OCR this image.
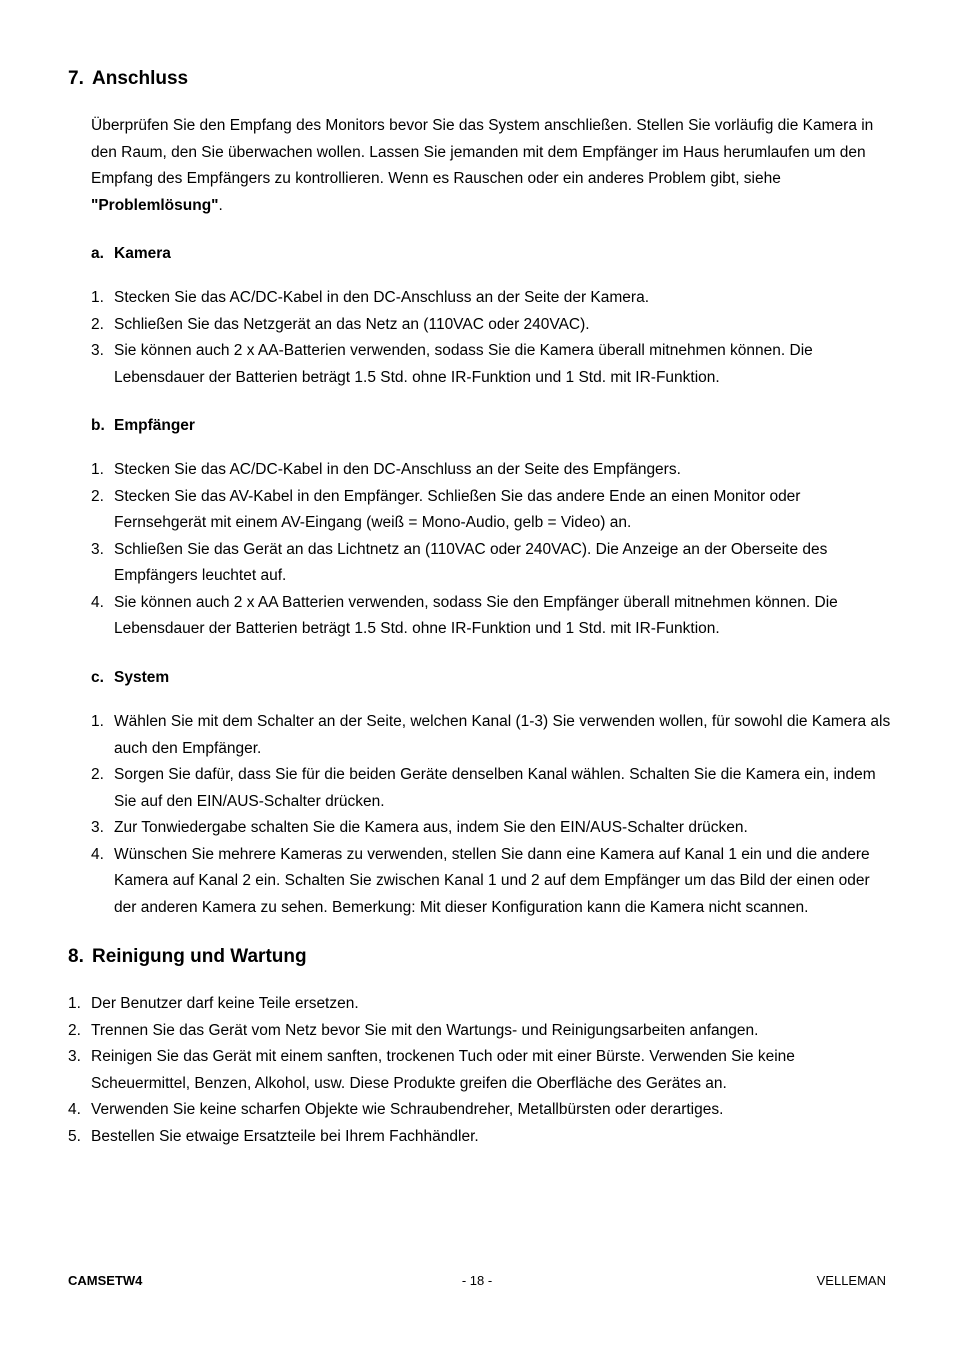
7. Anschluss

Überprüfen Sie den Empfang des Monitors bevor Sie das System anschließen. Stellen Sie vorläufig die Kamera in den Raum, den Sie überwachen wollen. Lassen Sie jemanden mit dem Empfänger im Haus herumlaufen um den Empfang des Empfängers zu kontrollieren. Wenn es Rauschen oder ein anderes Problem gibt, siehe "Problemlösung".

a. Kamera
1. Stecken Sie das AC/DC-Kabel in den DC-Anschluss an der Seite der Kamera.
2. Schließen Sie das Netzgerät an das Netz an (110VAC oder 240VAC).
3. Sie können auch 2 x AA-Batterien verwenden, sodass Sie die Kamera überall mitnehmen können. Die Lebensdauer der Batterien beträgt 1.5 Std. ohne IR-Funktion und 1 Std. mit IR-Funktion.
b. Empfänger
1. Stecken Sie das AC/DC-Kabel in den DC-Anschluss an der Seite des Empfängers.
2. Stecken Sie das AV-Kabel in den Empfänger. Schließen Sie das andere Ende an einen Monitor oder Fernsehgerät mit einem AV-Eingang (weiß = Mono-Audio, gelb = Video) an.
3. Schließen Sie das Gerät an das Lichtnetz an (110VAC oder 240VAC). Die Anzeige an der Oberseite des Empfängers leuchtet auf.
4. Sie können auch 2 x AA Batterien verwenden, sodass Sie den Empfänger überall mitnehmen können. Die Lebensdauer der Batterien beträgt 1.5 Std. ohne IR-Funktion und 1 Std. mit IR-Funktion.
c. System
1. Wählen Sie mit dem Schalter an der Seite, welchen Kanal (1-3) Sie verwenden wollen, für sowohl die Kamera als auch den Empfänger.
2. Sorgen Sie dafür, dass Sie für die beiden Geräte denselben Kanal wählen. Schalten Sie die Kamera ein, indem Sie auf den EIN/AUS-Schalter drücken.
3. Zur Tonwiedergabe schalten Sie die Kamera aus, indem Sie den EIN/AUS-Schalter drücken.
4. Wünschen Sie mehrere Kameras zu verwenden, stellen Sie dann eine Kamera auf Kanal 1 ein und die andere Kamera auf Kanal 2 ein. Schalten Sie zwischen Kanal 1 und 2 auf dem Empfänger um das Bild der einen oder der anderen Kamera zu sehen. Bemerkung: Mit dieser Konfiguration kann die Kamera nicht scannen.
8. Reinigung und Wartung
1. Der Benutzer darf keine Teile ersetzen.
2. Trennen Sie das Gerät vom Netz bevor Sie mit den Wartungs- und Reinigungsarbeiten anfangen.
3. Reinigen Sie das Gerät mit einem sanften, trockenen Tuch oder mit einer Bürste. Verwenden Sie keine Scheuermittel, Benzen, Alkohol, usw. Diese Produkte greifen die Oberfläche des Gerätes an.
4. Verwenden Sie keine scharfen Objekte wie Schraubendreher, Metallbürsten oder derartiges.
5. Bestellen Sie etwaige Ersatzteile bei Ihrem Fachhändler.
CAMSETW4	- 18 -	VELLEMAN
